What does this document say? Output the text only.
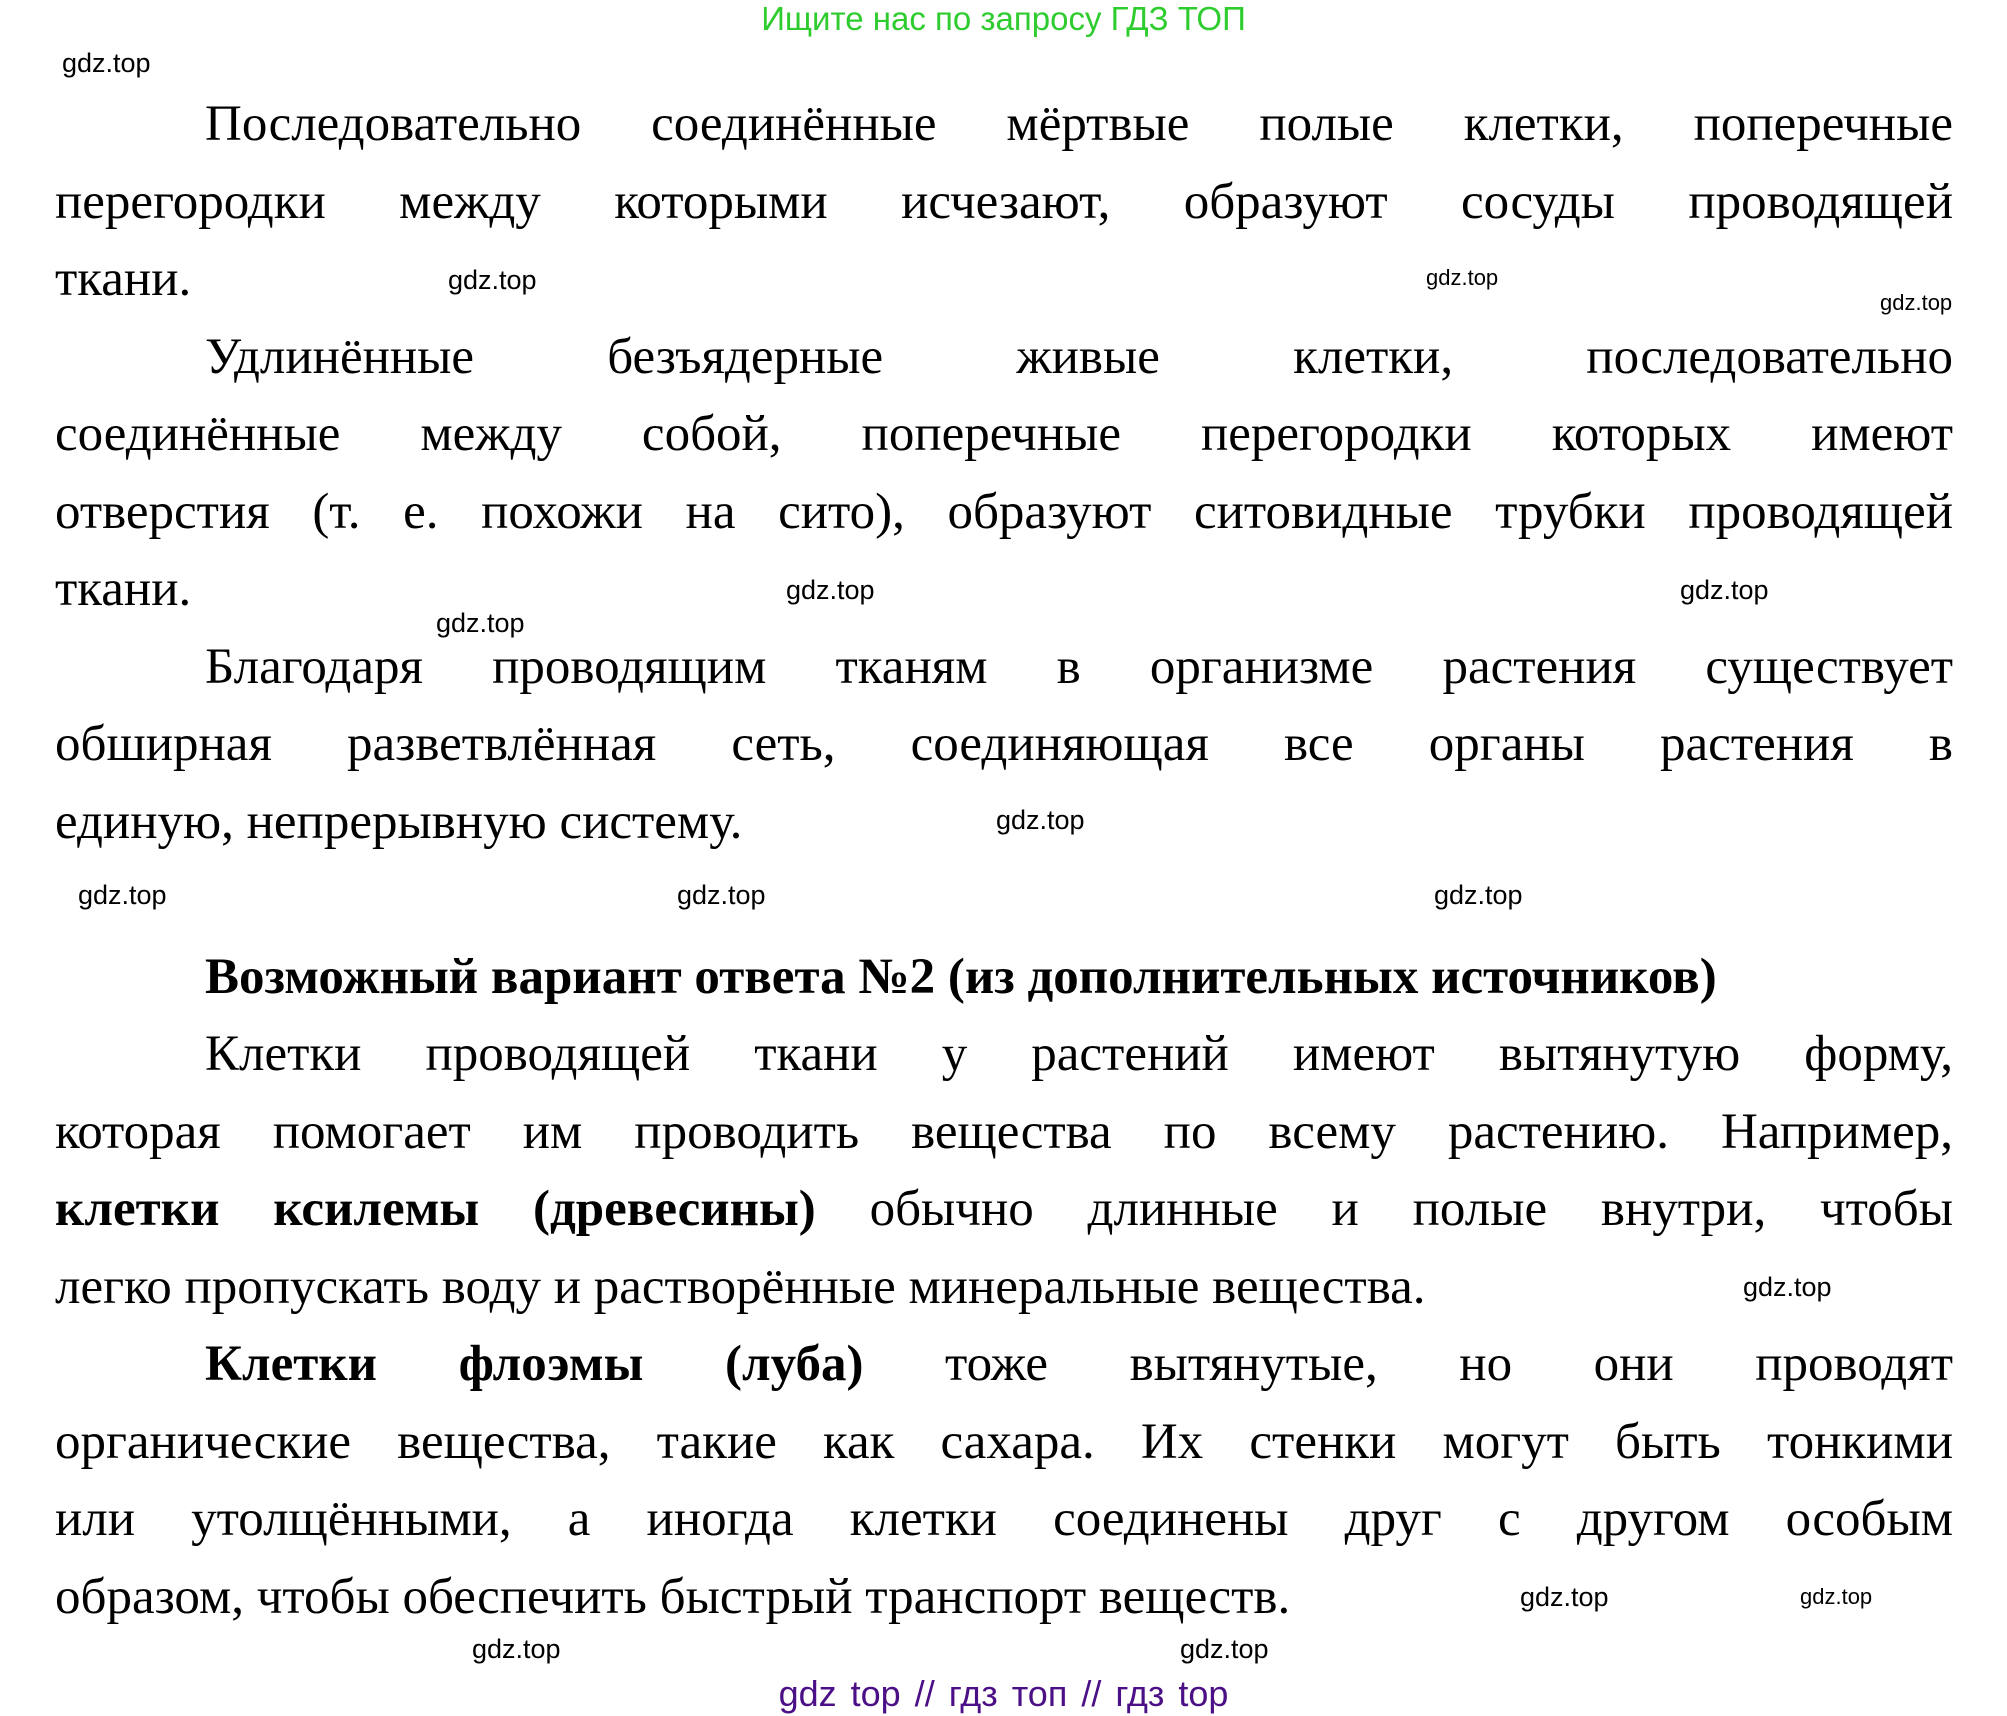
Ищите нас по запросу ГДЗ ТОП
Последовательно соединённые мёртвые полые клетки, поперечные
перегородки между которыми исчезают, образуют сосуды проводящей
ткани.
Удлинённые безъядерные живые клетки, последовательно
соединённые между собой, поперечные перегородки которых имеют
отверстия (т. е. похожи на сито), образуют ситовидные трубки проводящей
ткани.
Благодаря проводящим тканям в организме растения существует
обширная разветвлённая сеть, соединяющая все органы растения в
единую, непрерывную систему.
Возможный вариант ответа №2 (из дополнительных источников)
Клетки проводящей ткани у растений имеют вытянутую форму,
которая помогает им проводить вещества по всему растению. Например,
клетки ксилемы (древесины) обычно длинные и полые внутри, чтобы
легко пропускать воду и растворённые минеральные вещества.
Клетки флоэмы (луба) тоже вытянутые, но они проводят
органические вещества, такие как сахара. Их стенки могут быть тонкими
или утолщёнными, а иногда клетки соединены друг с другом особым
образом, чтобы обеспечить быстрый транспорт веществ.
gdz.top
gdz.top
gdz.top
gdz.top
gdz.top
gdz.top
gdz.top
gdz.top
gdz.top	gdz.top	gdz.top
gdz.top
gdz.top	gdz.top
gdz.top
gdz.top
gdz top // гдз топ // гдз top
